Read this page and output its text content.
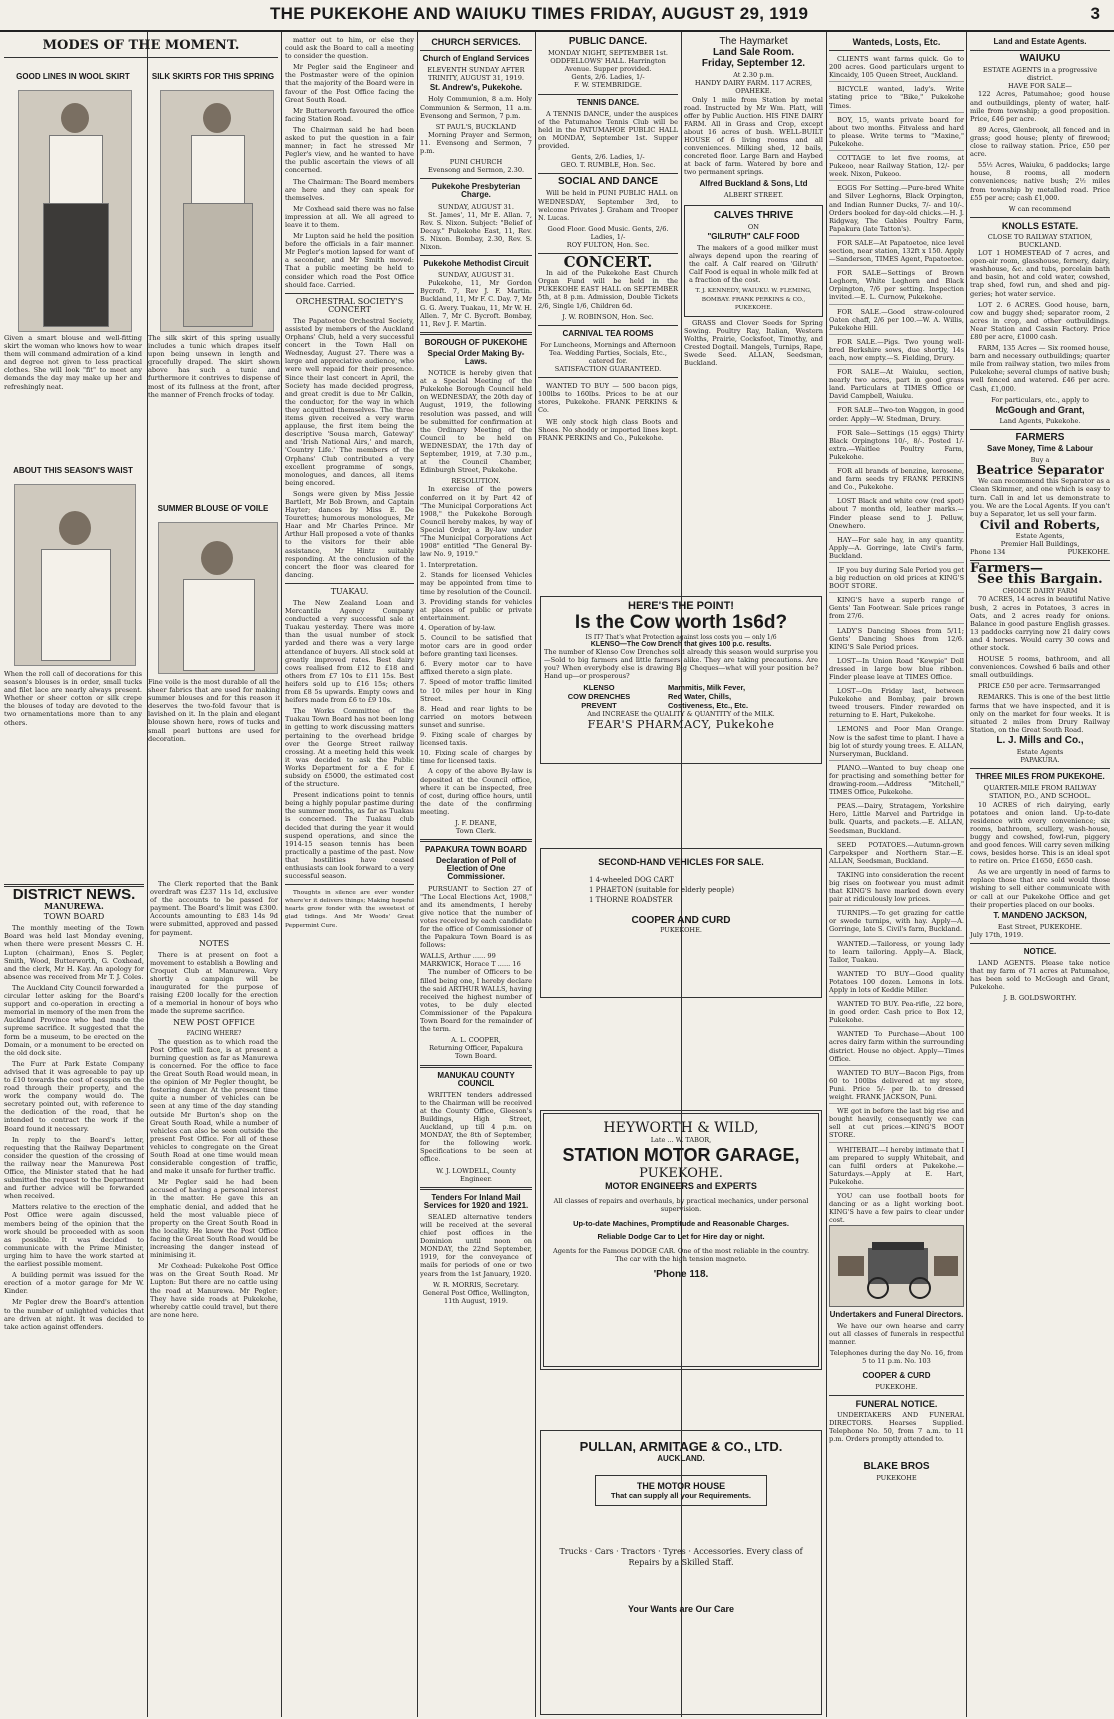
THE PUKEKOHE AND WAIUKU TIMES FRIDAY, AUGUST 29, 1919	3
MODES OF THE MOMENT.
GOOD LINES IN WOOL SKIRT	SILK SKIRTS FOR THIS SPRING
Given a smart blouse and well-fitting skirt the woman who knows how to wear them will command admiration of a kind and degree not given to less practical clothes. She will look "fit" to meet any demands the day may make up her and refreshingly neat.
The silk skirt of this spring usually includes a tunic which drapes itself upon being unsewn in length and gracefully draped. The skirt shown above has such a tunic and furthermore it contrives to dispense of most of its fullness at the front, after the manner of French frocks of today.
ABOUT THIS SEASON'S WAIST
SUMMER BLOUSE OF VOILE
When the roll call of decorations for this season's blouses is in order, small tucks and filet lace are nearly always present. Whether or sheer cotton or silk crepe the blouses of today are devoted to the two ornamentations more than to any others.
Fine voile is the most durable of all the sheer fabrics that are used for making summer blouses and for this reason it deserves the two-fold favour that is lavished on it. In the plain and elegant blouse shown here, rows of tucks and small pearl buttons are used for decoration.
DISTRICT NEWS.
MANUREWA.
TOWN BOARD

The monthly meeting of the Town Board was held last Monday evening, when there were present Messrs C. H. Lupton (chairman), Enos S. Pegler, Smith, Wood, Butterworth, G. Coxhead, and the clerk, Mr H. Kay. An apology for absence was received from Mr T. J. Coles.

The Auckland City Council forwarded a circular letter asking for the Board's support and co-operation in erecting a memorial in memory of the men from the Auckland Province who had made the supreme sacrifice. It suggested that the form be a museum, to be erected on the Domain, or a monument to be erected on the old dock site.

The Furr at Park Estate Company advised that it was agreeable to pay up to £10 towards the cost of cesspits on the road through their property, and the work the company would do. The secretary pointed out, with reference to the dedication of the road, that he intended to contract the work if the Board found it necessary.

In reply to the Board's letter, requesting that the Railway Department consider the question of the crossing of the railway near the Manurewa Post Office, the Minister stated that he had submitted the request to the Department and further advice will be forwarded when received.

Matters relative to the erection of the Post Office were again discussed, members being of the opinion that the work should be proceeded with as soon as possible. It was decided to communicate with the Prime Minister, urging him to have the work started at the earliest possible moment.

A building permit was issued for the erection of a motor garage for Mr W. Kinder.

Mr Pegler drew the Board's attention to the number of unlighted vehicles that are driven at night. It was decided to take action against offenders.

The Clerk reported that the Bank overdraft was £237 11s 1d, exclusive of the accounts to be passed for payment. The Board's limit was £300. Accounts amounting to £83 14s 9d were submitted, approved and passed for payment.

NOTES

There is at present on foot a movement to establish a Bowling and Croquet Club at Manurewa. Very shortly a campaign will be inaugurated for the purpose of raising £200 locally for the erection of a memorial in honour of boys who made the supreme sacrifice.

NEW POST OFFICE
FACING WHERE?

The question as to which road the Post Office will face, is at present a burning question as far as Manurewa is concerned. For the office to face the Great South Road would mean, in the opinion of Mr Pegler thought, be fostering danger. At the present time quite a number of vehicles can be seen at any time of the day standing outside Mr Burton's shop on the Great South Road, while a number of vehicles can also be seen outside the present Post Office. For all of these vehicles to congregate on the Great South Road at one time would mean considerable congestion of traffic, and make it unsafe for further traffic.

Mr Pegler said he had been accused of having a personal interest in the matter. He gave this an emphatic denial, and added that he held the most valuable piece of property on the Great South Road in the locality. He knew the Post Office facing the Great South Road would be increasing the danger instead of minimising it.

Mr Coxhead: Pukekohe Post Office was on the Great South Road. Mr Lupton: But there are no cattle using the road at Manurewa. Mr Pegler: They have side roads at Pukekohe, whereby cattle could travel, but there are none here.

matter out to him, or else they could ask the Board to call a meeting to consider the question.

Mr Pegler said the Engineer and the Postmaster were of the opinion that the majority of the Board were in favour of the Post Office facing the Great South Road.

Mr Butterworth favoured the office facing Station Road.

The Chairman said he had been asked to put the question in a fair manner; in fact he stressed Mr Pegler's view, and he wanted to have the public ascertain the views of all concerned.

The Chairman: The Board members are here and they can speak for themselves.

Mr Coxhead said there was no false impression at all. We all agreed to leave it to them.

Mr Lupton said he held the position before the officials in a fair manner. Mr Pegler's motion lapsed for want of a seconder, and Mr Smith moved: That a public meeting be held to consider which road the Post Office should face. Carried.

ORCHESTRAL SOCIETY'S CONCERT

The Papatoetoe Orchestral Society, assisted by members of the Auckland Orphans' Club, held a very successful concert in the Town Hall on Wednesday, August 27. There was a large and appreciative audience, who were well repaid for their presence. Since their last concert in April, the Society has made decided progress, and great credit is due to Mr Calkin, the conductor, for the way in which they acquitted themselves. The three items given received a very warm applause, the first item being the descriptive 'Sousa march, Gateway' and 'Irish National Airs,' and march, 'Country Life.' The members of the Orphans' Club contributed a very excellent programme of songs, monologues, and dances, all items being encored.

Songs were given by Miss Jessie Bartlett, Mr Bob Brown, and Captain Hayter; dances by Miss E. De Tourettes; humorous monologues, Mr Haar and Mr Charles Prince. Mr Arthur Hall proposed a vote of thanks to the visitors for their able assistance, Mr Hintz suitably responding. At the conclusion of the concert the floor was cleared for dancing.

TUAKAU.

The New Zealand Loan and Mercantile Agency Company conducted a very successful sale at Tuakau yesterday. There was more than the usual number of stock yarded and there was a very large attendance of buyers. All stock sold at greatly improved rates. Best dairy cows realised from £12 to £18 and others from £7 10s to £11 15s. Best heifers sold up to £16 15s; others from £8 5s upwards. Empty cows and heifers made from £6 to £9 10s.

The Works Committee of the Tuakau Town Board has not been long in getting to work discussing matters pertaining to the overhead bridge over the George Street railway crossing. At a meeting held this week it was decided to ask the Public Works Department for a £ for £ subsidy on £5000, the estimated cost of the structure.

Present indications point to tennis being a highly popular pastime during the summer months, as far as Tuakau is concerned. The Tuakau club decided that during the year it would suspend operations, and since the 1914-15 season tennis has been practically a pastime of the past. Now that hostilities have ceased enthusiasts can look forward to a very successful season.

Thoughts in silence are ever wonder where'er it delivers things; Making hopeful hearts grow fonder with the sweetest of glad tidings. And Mr Woods' Great Peppermint Cure.

CHURCH SERVICES.
Church of England Services
ELEVENTH SUNDAY AFTER TRINITY, AUGUST 31, 1919.
St. Andrew's, Pukekohe.

Holy Communion, 8 a.m. Holy Communion & Sermon, 11 a.m. Evensong and Sermon, 7 p.m.

ST PAUL'S, BUCKLAND

Morning Prayer and Sermon, 11. Evensong and Sermon, 7 p.m.

PUNI CHURCH

Evensong and Sermon, 2.30.

Pukekohe Presbyterian Charge.
SUNDAY, AUGUST 31.

St. James', 11, Mr E. Allan. 7, Rev. S. Nixon. Subject: "Belief of Decay." Pukekohe East, 11, Rev. S. Nixon. Bombay, 2.30, Rev. S. Nixon.

Pukekohe Methodist Circuit
SUNDAY, AUGUST 31.

Pukekohe, 11, Mr Gordon Bycroft. 7, Rev J. F. Martin. Buckland, 11, Mr F. C. Day. 7, Mr G. G. Avery. Tuakau, 11, Mr W. H. Allen. 7, Mr C. Bycroft. Bombay, 11, Rev J. F. Martin.

BOROUGH OF PUKEKOHE
Special Order Making By-Laws.

NOTICE is hereby given that at a Special Meeting of the Pukekohe Borough Council held on WEDNESDAY, the 20th day of August, 1919, the following resolution was passed, and will be submitted for confirmation at the Ordinary Meeting of the Council to be held on WEDNESDAY, the 17th day of September, 1919, at 7.30 p.m., at the Council Chamber, Edinburgh Street, Pukekohe.

RESOLUTION.

In exercise of the powers conferred on it by Part 42 of "The Municipal Corporations Act 1908," the Pukekohe Borough Council hereby makes, by way of Special Order, a By-law under "The Municipal Corporations Act 1908" entitled "The General By-law No. 9, 1919."

1. Interpretation.
2. Stands for licensed Vehicles may be appointed from time to time by resolution of the Council.
3. Providing stands for vehicles at places of public or private entertainment.
4. Operation of by-law.
5. Council to be satisfied that motor cars are in good order before granting taxi licenses.
6. Every motor car to have affixed thereto a sign plate.
7. Speed of motor traffic limited to 10 miles per hour in King Street.
8. Head and rear lights to be carried on motors between sunset and sunrise.
9. Fixing scale of charges by licensed taxis.
10. Fixing scale of charges by time for licensed taxis.

A copy of the above By-law is deposited at the Council office, where it can be inspected, free of cost, during office hours, until the date of the confirming meeting.

J. F. DEANE,
Town Clerk.
PAPAKURA TOWN BOARD
Declaration of Poll of Election of One Commissioner.

PURSUANT to Section 27 of "The Local Elections Act, 1908," and its amendments, I hereby give notice that the number of votes received by each candidate for the office of Commissioner of the Papakura Town Board is as follows:

WALLS, Arthur ...... 99
MARKWICK, Horace T ...... 16

The number of Officers to be filled being one, I hereby declare the said ARTHUR WALLS, having received the highest number of votes, to be duly elected Commissioner of the Papakura Town Board for the remainder of the term.

A. L. COOPER,
Returning Officer, Papakura Town Board.
MANUKAU COUNTY COUNCIL

WRITTEN tenders addressed to the Chairman will be received at the County Office, Gleeson's Buildings, High Street, Auckland, up till 4 p.m. on MONDAY, the 8th of September, for the following work. Specifications to be seen at office.

W. J. LOWDELL, County Engineer.
Tenders For Inland Mail Services for 1920 and 1921.

SEALED alternative tenders will be received at the several chief post offices in the Dominion until noon on MONDAY, the 22nd September, 1919, for the conveyance of mails for periods of one or two years from the 1st January, 1920.

W. R. MORRIS, Secretary.
General Post Office, Wellington, 11th August, 1919.
PUBLIC DANCE.
MONDAY NIGHT, SEPTEMBER 1st. ODDFELLOWS' HALL. Harrington Avenue. Supper provided.
Gents, 2/6. Ladies, 1/-
F. W. STEMBRIDGE.
TENNIS DANCE.

A TENNIS DANCE, under the auspices of the Patumahoe Tennis Club will be held in the PATUMAHOE PUBLIC HALL on MONDAY, September 1st. Supper provided.

Gents, 2/6. Ladies, 1/-
GEO. T. RUMBLE, Hon. Sec.
SOCIAL AND DANCE

Will be held in PUNI PUBLIC HALL on WEDNESDAY, September 3rd, to welcome Privates J. Graham and Trooper N. Lucas.

Good Floor. Good Music. Gents, 2/6. Ladies, 1/-
ROY FULTON, Hon. Sec.
CONCERT.

In aid of the Pukekohe East Church Organ Fund will be held in the PUKEKOHE EAST HALL on SEPTEMBER 5th, at 8 p.m. Admission, Double Tickets 2/6, Single 1/6, Children 6d.

J. W. ROBINSON, Hon. Sec.
CARNIVAL TEA ROOMS
For Luncheons, Mornings and Afternoon Tea. Wedding Parties, Socials, Etc., catered for.
SATISFACTION GUARANTEED.

WANTED TO BUY — 500 bacon pigs, 100lbs to 160lbs. Prices to be at our stores, Pukekohe. FRANK PERKINS & Co.

WE only stock high class Boots and Shoes. No shoddy or imported lines kept. FRANK PERKINS and Co., Pukekohe.

The Haymarket
Land Sale Room.
Friday, September 12.
At 2.30 p.m.
HANDY DAIRY FARM. 117 ACRES, OPAHEKE.

Only 1 mile from Station by metal road. Instructed by Mr Wm. Platt, will offer by Public Auction. HIS FINE DAIRY FARM. All in Grass and Crop, except about 16 acres of bush. WELL-BUILT HOUSE of 6 living rooms and all conveniences. Milking shed, 12 bails, concreted floor. Large Barn and Haybed at back of farm. Watered by bore and two permanent springs.

Alfred Buckland & Sons, Ltd
ALBERT STREET.
CALVES THRIVE
ON
"GILRUTH" CALF FOOD

The makers of a good milker must always depend upon the rearing of the calf. A Calf reared on 'Gilruth' Calf Food is equal in whole milk fed at a fraction of the cost.

T. J. KENNEDY, WAIUKU. W. FLEMING, BOMBAY. FRANK PERKINS & CO., PUKEKOHE.

GRASS and Clover Seeds for Spring Sowing. Poultry Ray, Italian, Western Wolths, Prairie, Cocksfoot, Timothy, and Crested Dogtail. Mangels, Turnips, Rape, Swede Seed. ALLAN, Seedsman, Buckland.

HERE'S THE POINT!
Is the Cow worth 1s6d?
IS IT? That's what Protection against loss costs you — only 1/6
KLENSO—The Cow Drench that gives 100 p.c. results.
The number of Klenso Cow Drenches sold already this season would surprise you—Sold to big farmers and little farmers alike. They are taking precautions. Are you? When everybody else is drawing Big Cheques—what will your position be? Hand up—or prosperous?
KLENSO
COW DRENCHES
PREVENT
Mammitis, Milk Fever,
Red Water, Chills,
Costiveness, Etc., Etc.
And INCREASE the QUALITY & QUANTITY of the MILK.
FEAR'S PHARMACY, Pukekohe
SECOND-HAND VEHICLES FOR SALE.
1 4-wheeled DOG CART
1 PHAETON (suitable for elderly people)
1 THORNE ROADSTER
COOPER AND CURD
PUKEKOHE.
HEYWORTH & WILD,
Late ... W. TABOR,
STATION MOTOR GARAGE,
PUKEKOHE.
MOTOR ENGINEERS and EXPERTS
All classes of repairs and overhauls, by practical mechanics, under personal supervision.
Up-to-date Machines, Promptitude and Reasonable Charges.
Reliable Dodge Car to Let for Hire day or night.
Agents for the Famous DODGE CAR. One of the most reliable in the country. The car with the high tension magneto.
'Phone 118.
PULLAN, ARMITAGE & CO., LTD.
AUCKLAND.
THE MOTOR HOUSE
That can supply all your Requirements.
Trucks · Cars · Tractors · Tyres · Accessories. Every class of Repairs by a Skilled Staff.
Your Wants are Our Care
Wanteds, Losts, Etc.

CLIENTS want farms quick. Go to 200 acres. Good particulars urgent to Kincaidy, 105 Queen Street, Auckland.

BICYCLE wanted, lady's. Write stating price to "Bike," Pukekohe Times.

BOY, 15, wants private board for about two months. Fitvaless and hard to please. Write terms to "Maxine," Pukekohe.

COTTAGE to let five rooms, at Pukeoo, near Railway Station, 12/- per week. Nixon, Pukeoo.

EGGS For Setting.—Pure-bred White and Silver Leghorns, Black Orpington, and Indian Runner Ducks, 7/- and 10/-. Orders booked for day-old chicks.—H. J. Ridgway, The Gables Poultry Farm, Papakura (late Tatton's).

FOR SALE—At Papatoetoe, nice level section, near station, 132ft x 150. Apply—Sanderson, TIMES Agent, Papatoetoe.

FOR SALE—Settings of Brown Leghorn, White Leghorn and Black Orpington, 7/6 per setting. Inspection invited.—E. L. Curnow, Pukekohe.

FOR SALE.—Good straw-coloured Oaten chaff, 2/6 per 100.—W. A. Willis, Pukekohe Hill.

FOR SALE.—Pigs. Two young well-bred Berkshire sows, due shortly, 14s each, now empty.—S. Fielding, Drury.

FOR SALE—At Waiuku, section, nearly two acres, part in good grass land. Particulars at TIMES Office or David Campbell, Waiuku.

FOR SALE—Two-ton Waggon, in good order. Apply—W. Stedman, Drury.

FOR Sale—Settings (15 eggs) Thirty Black Orpingtons 10/-, 8/-. Posted 1/- extra.—Waitlee Poultry Farm, Pukekohe.

FOR all brands of benzine, kerosene, and farm seeds try FRANK PERKINS and Co., Pukekohe.

LOST Black and white cow (red spot) about 7 months old, leather marks.—Finder please send to J. Pelluw, Onewhero.

HAY—For sale hay, in any quantity. Apply—A. Gorringe, late Civil's farm, Buckland.

IF you buy during Sale Period you get a big reduction on old prices at KING'S BOOT STORE.

KING'S have a superb range of Gents' Tan Footwear. Sale prices range from 27/6.

LADY'S Dancing Shoes from 5/11; Gents' Dancing Shoes from 12/6. KING'S Sale Period prices.

LOST—In Union Road "Kewpie" Doll dressed in large bow blue ribbon. Finder please leave at TIMES Office.

LOST—On Friday last, between Pukekohe and Bombay, pair brown tweed trousers. Finder rewarded on returning to E. Hart, Pukekohe.

LEMONS and Poor Man Orange. Now is the safest time to plant. I have a big lot of sturdy young trees. E. ALLAN, Nurseryman, Buckland.

PIANO.—Wanted to buy cheap one for practising and something better for drawing-room.—Address "Mitchell," TIMES Office, Pukekohe.

PEAS.—Dairy, Stratagem, Yorkshire Hero, Little Marvel and Partridge in bulk. Quarts, and packets.—E. ALLAN, Seedsman, Buckland.

SEED POTATOES.—Autumn-grown Carpeksper and Northern Star.—E. ALLAN, Seedsman, Buckland.

TAKING into consideration the recent big rises on footwear you must admit that KING'S have marked down every pair at ridiculously low prices.

TURNIPS.—To get grazing for cattle or swede turnips, with hay. Apply—A. Gorringe, late S. Civil's farm, Buckland.

WANTED.—Tailoress, or young lady to learn tailoring. Apply—A. Black, Tailor, Tuakau.

WANTED TO BUY—Good quality Potatoes 100 dozen. Lemons in lots. Apply in lots of Keddie Miller.

WANTED TO BUY. Pea-rifle, .22 bore, in good order. Cash price to Box 12, Pukekohe.

WANTED To Purchase—About 100 acres dairy farm within the surrounding district. House no object. Apply—Times Office.

WANTED TO BUY—Bacon Pigs, from 60 to 100lbs delivered at my store, Puni. Price 5/- per lb. to dressed weight. FRANK JACKSON, Puni.

WE got in before the last big rise and bought heavily, consequently we can sell at cut prices.—KING'S BOOT STORE.

WHITEBAIT.—I hereby intimate that I am prepared to supply Whitebait, and can fulfil orders at Pukekohe.—Saturdays.—Apply at E. Hart, Pukekohe.

YOU can use football boots for dancing or as a light working boot. KING'S have a few pairs to clear under cost.

Undertakers and Funeral Directors.

We have our own hearse and carry out all classes of funerals in respectful manner.

Telephones during the day No. 16, from 5 to 11 p.m. No. 103
COOPER & CURD
PUKEKOHE.
FUNERAL NOTICE.

UNDERTAKERS AND FUNERAL DIRECTORS. Hearses Supplied. Telephone No. 50, from 7 a.m. to 11 p.m. Orders promptly attended to.

BLAKE BROS
PUKEKOHE
Land and Estate Agents.
WAIUKU
ESTATE AGENTS in a progressive district.
HAVE FOR SALE—

122 Acres, Patumahoe; good house and outbuildings, plenty of water, half-mile from township; a good proposition. Price, £46 per acre.

89 Acres, Glenbrook, all fenced and in grass; good house; plenty of firewood; close to railway station. Price, £50 per acre.

55½ Acres, Waiuku, 6 paddocks; large house, 8 rooms, all modern conveniences; native bush; 2½ miles from township by metalled road. Price £55 per acre; cash £1,000.

W can recommend
KNOLLS ESTATE.
CLOSE TO RAILWAY STATION, BUCKLAND.

LOT 1 HOMESTEAD of 7 acres, and open-air room, glasshouse, fernery, dairy, washhouse, &c. and tubs, porcelain bath and basin, hot and cold water, cowshed, trap shed, fowl run, and shed and pig-geries; hot water service.

LOT 2. 6 ACRES. Good house, barn, cow and buggy shed; separator room, 2 acres in crop, and other outbuildings. Near Station and Cassin Factory. Price £80 per acre, £1000 cash.

FARM, 135 Acres — Six roomed house, barn and necessary outbuildings; quarter mile from railway station, two miles from Pukekohe; several clumps of native bush; well fenced and watered. £46 per acre. Cash, £1,000.

For particulars, etc., apply to
McGough and Grant,
Land Agents, Pukekohe.
FARMERS
Save Money, Time & Labour
Buy a
Beatrice Separator

We can recommend this Separator as a Clean Skimmer, and one which is easy to turn. Call in and let us demonstrate to you. We are the Local Agents. If you can't buy a Separator, let us sell your farm.

Civil and Roberts,
Estate Agents,
Premier Hall Buildings,
Phone 134	PUKEKOHE.
Farmers—
See this Bargain.
CHOICE DAIRY FARM

70 ACRES, 14 acres in beautiful Native bush, 2 acres in Potatoes, 3 acres in Oats, and 2 acres ready for onions. Balance in good pasture English grasses. 13 paddocks carrying now 21 dairy cows and 4 horses. Would carry 30 cows and other stock.

HOUSE 5 rooms, bathroom, and all conveniences. Cowshed 6 bails and other small outbuildings.

PRICE £50 per acre. Termsarranged

REMARKS. This is one of the best little farms that we have inspected, and it is only on the market for four weeks. It is situated 2 miles from Drury Railway Station, on the Great South Road.

L. J. Mills and Co.,
Estate Agents
PAPAKURA.
THREE MILES FROM PUKEKOHE.
QUARTER-MILE FROM RAILWAY STATION, P.O., AND SCHOOL.

10 ACRES of rich dairying, early potatoes and onion land. Up-to-date residence with every convenience; six rooms, bathroom, scullery, wash-house, buggy and cowshed, fowl-run, piggery and good fences. Will carry seven milking cows, besides horse. This is an ideal spot to retire on. Price £1650, £650 cash.

As we are urgently in need of farms to replace those that are sold would those wishing to sell either communicate with or call at our Pukekohe Office and get their properties placed on our books.

T. MANDENO JACKSON,
East Street, PUKEKOHE.
July 17th, 1919.
NOTICE.

LAND AGENTS. Please take notice that my farm of 71 acres at Patumahoe, has been sold to McGough and Grant, Pukekohe.

J. B. GOLDSWORTHY.
